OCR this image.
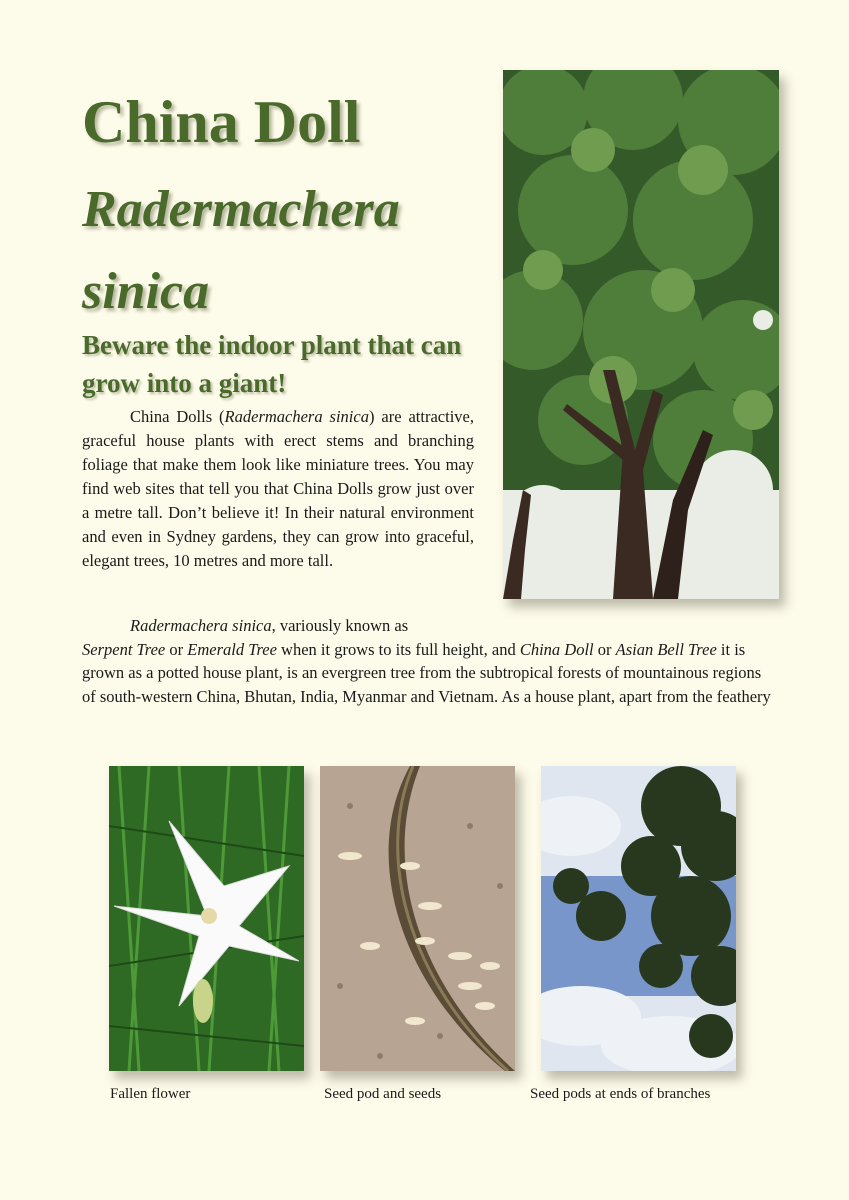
China Doll
Radermachera
sinica
Beware the indoor plant that can grow into a giant!

China Dolls (Radermachera sinica) are attractive, graceful house plants with erect stems and branching foliage that make them look like miniature trees. You may find web sites that tell you that China Dolls grow just over a metre tall. Don’t believe it! In their natural environment and even in Sydney gardens, they can grow into graceful, elegant trees, 10 metres and more tall.

Radermachera sinica, variously known as
Serpent Tree or Emerald Tree when it grows to its full height, and China Doll or Asian Bell Tree it is grown as a potted house plant, is an evergreen tree from the subtropical forests of mountainous regions of south-western China, Bhutan, India, Myanmar and Vietnam. As a house plant, apart from the feathery

Fallen flower	Seed pod and seeds	Seed pods at ends of branches
